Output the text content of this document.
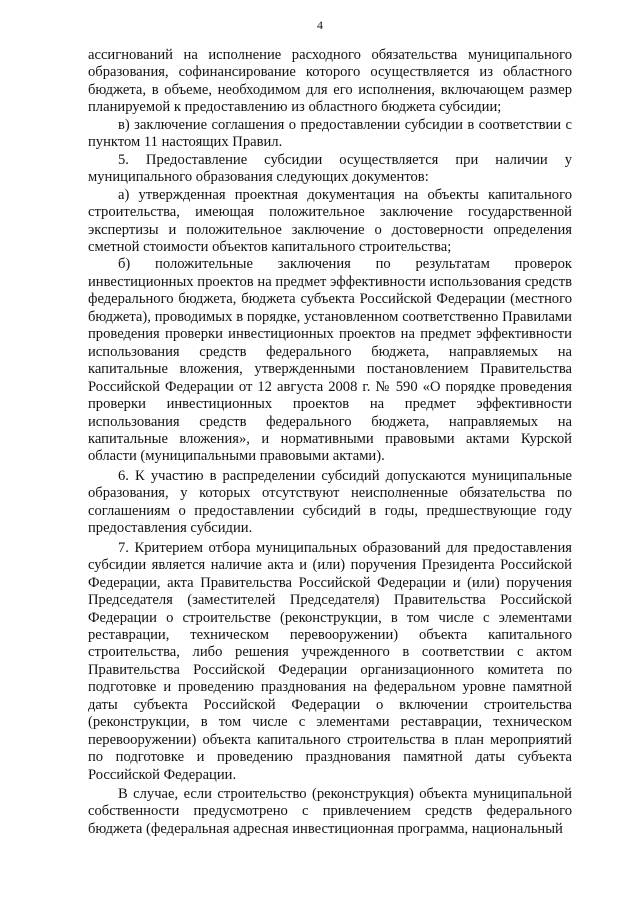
4

ассигнований на исполнение расходного обязательства муниципального образования, софинансирование которого осуществляется из областного бюджета, в объеме, необходимом для его исполнения, включающем размер планируемой к предоставлению из областного бюджета субсидии;

в) заключение соглашения о предоставлении субсидии в соответствии с пунктом 11 настоящих Правил.

5. Предоставление субсидии осуществляется при наличии у муниципального образования следующих документов:

а) утвержденная проектная документация на объекты капитального строительства, имеющая положительное заключение государственной экспертизы и положительное заключение о достоверности определения сметной стоимости объектов капитального строительства;

б) положительные заключения по результатам проверок инвестиционных проектов на предмет эффективности использования средств федерального бюджета, бюджета субъекта Российской Федерации (местного бюджета), проводимых в порядке, установленном соответственно Правилами проведения проверки инвестиционных проектов на предмет эффективности использования средств федерального бюджета, направляемых на капитальные вложения, утвержденными постановлением Правительства Российской Федерации от 12 августа 2008 г. № 590 «О порядке проведения проверки инвестиционных проектов на предмет эффективности использования средств федерального бюджета, направляемых на капитальные вложения», и нормативными правовыми актами Курской области (муниципальными правовыми актами).

6. К участию в распределении субсидий допускаются муниципальные образования, у которых отсутствуют неисполненные обязательства по соглашениям о предоставлении субсидий в годы, предшествующие году предоставления субсидии.

7. Критерием отбора муниципальных образований для предоставления субсидии является наличие акта и (или) поручения Президента Российской Федерации, акта Правительства Российской Федерации и (или) поручения Председателя (заместителей Председателя) Правительства Российской Федерации о строительстве (реконструкции, в том числе с элементами реставрации, техническом перевооружении) объекта капитального строительства, либо решения учрежденного в соответствии с актом Правительства Российской Федерации организационного комитета по подготовке и проведению празднования на федеральном уровне памятной даты субъекта Российской Федерации о включении строительства (реконструкции, в том числе с элементами реставрации, техническом перевооружении) объекта капитального строительства в план мероприятий по подготовке и проведению празднования памятной даты субъекта Российской Федерации.

В случае, если строительство (реконструкция) объекта муниципальной собственности предусмотрено с привлечением средств федерального бюджета (федеральная адресная инвестиционная программа, национальный
